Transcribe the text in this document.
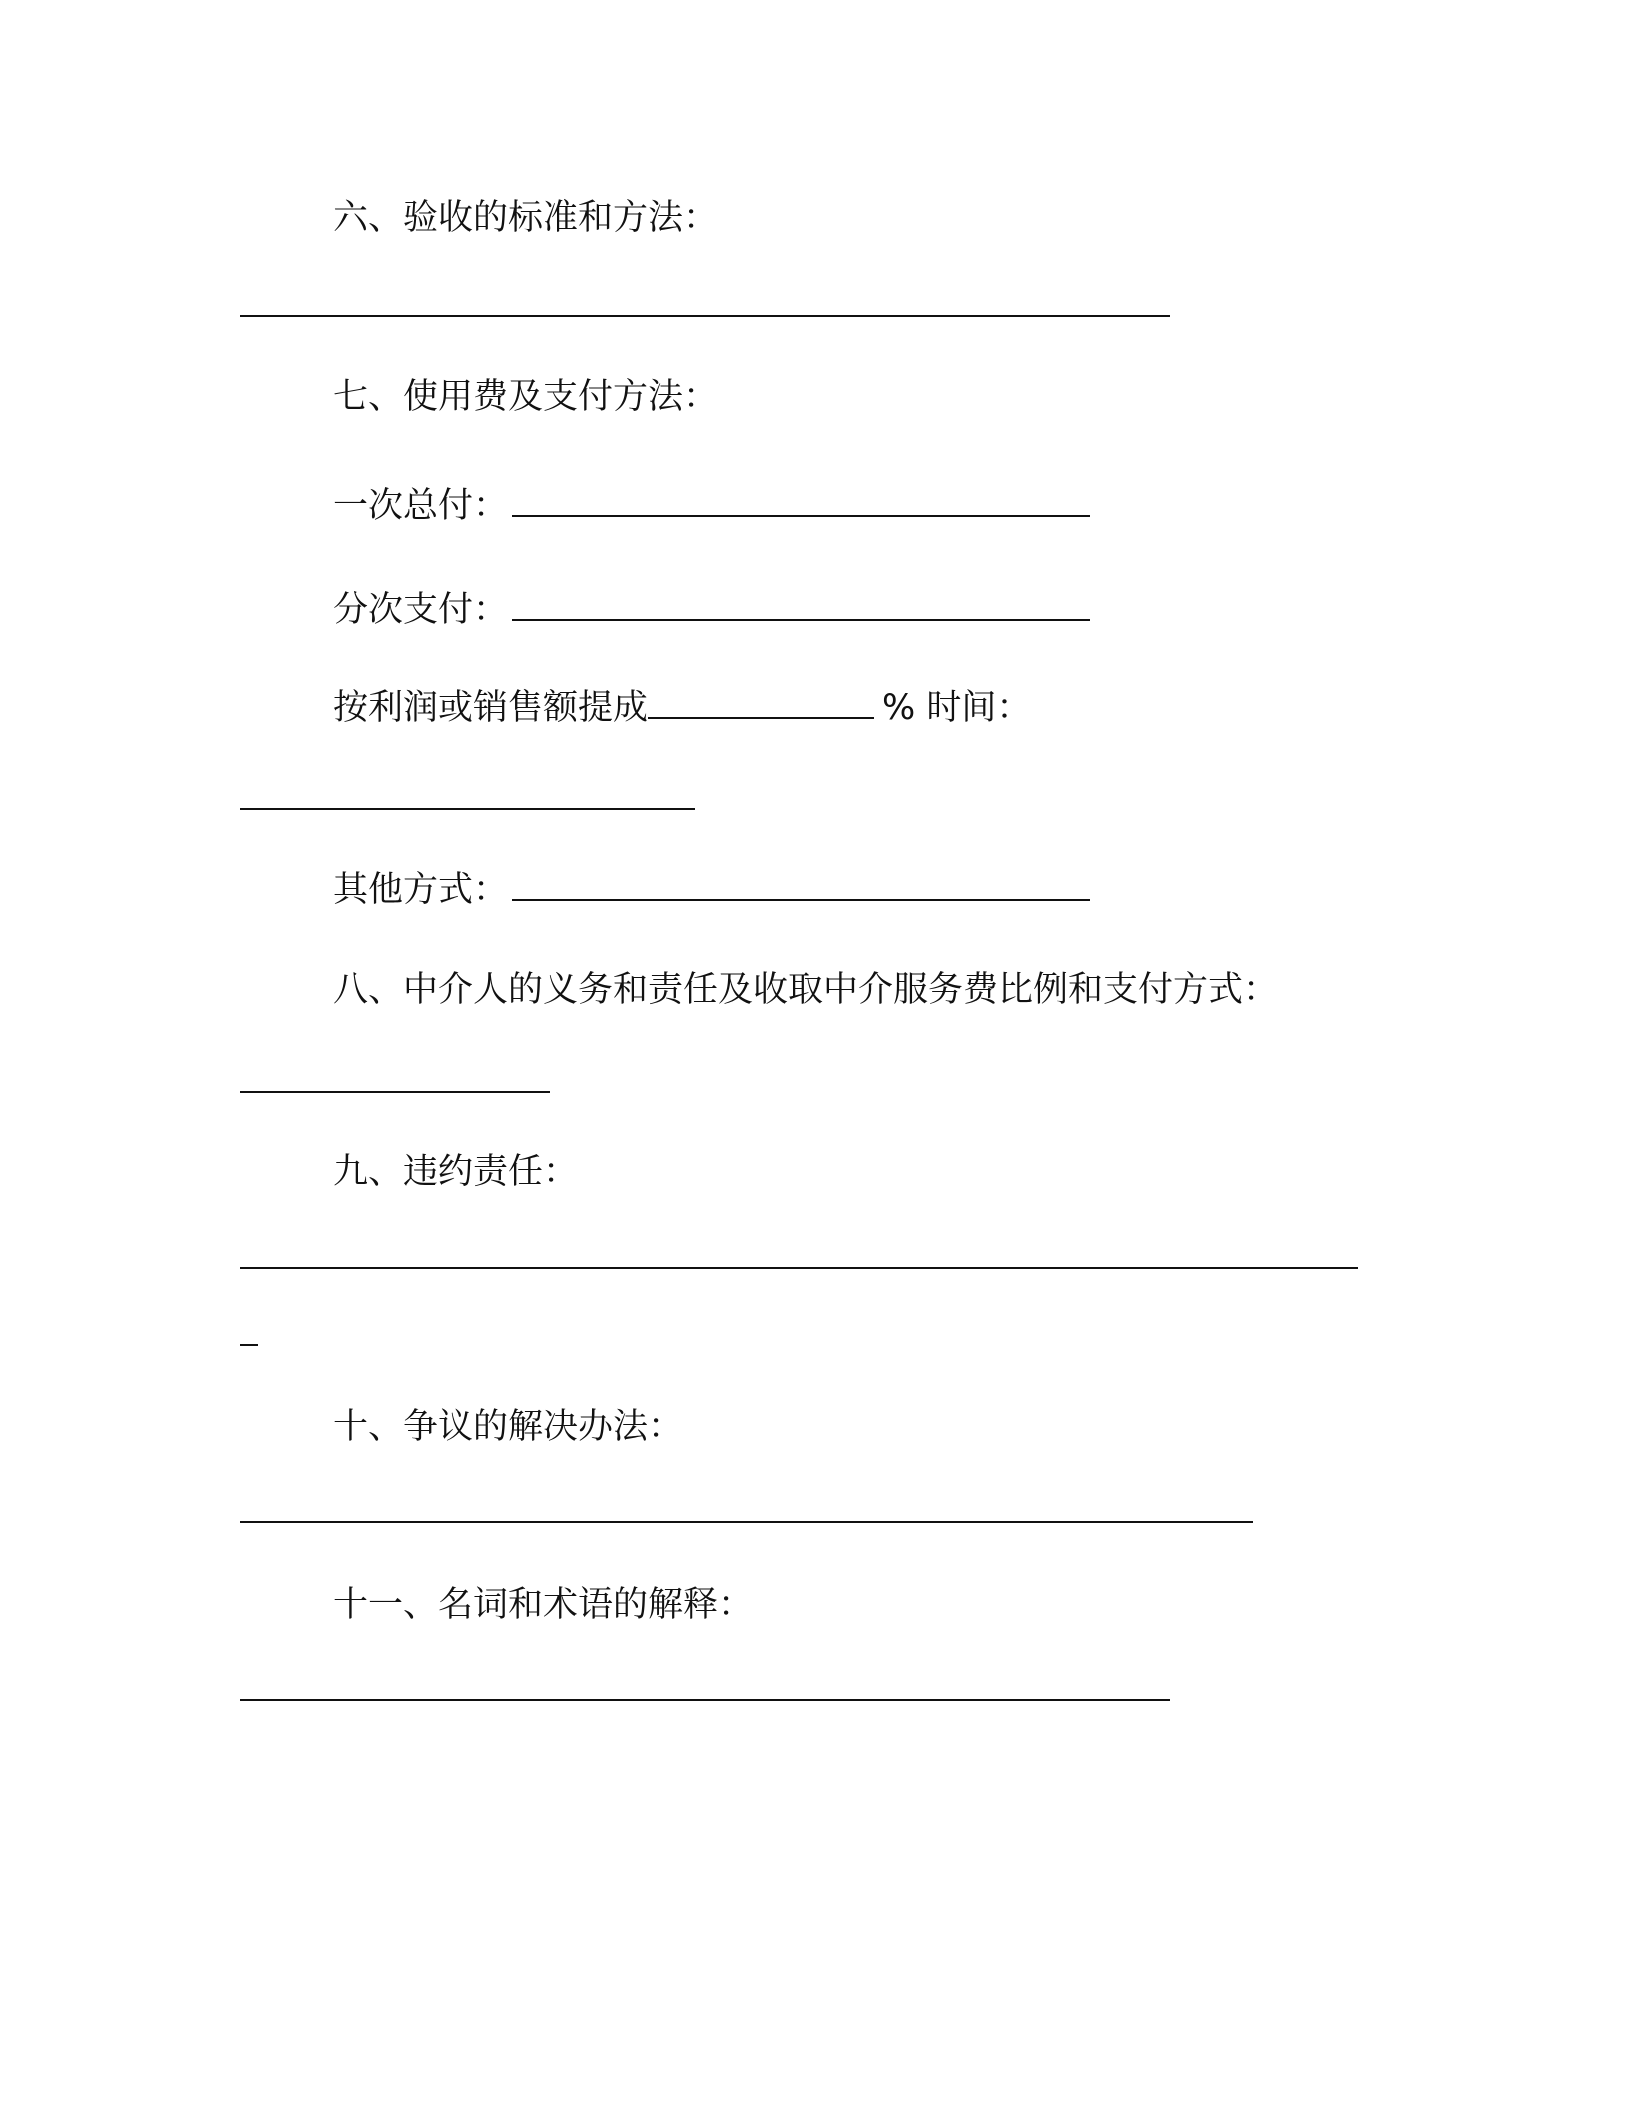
六、验收的标准和方法：
七、使用费及支付方法：
一次总付：
分次支付：
按利润或销售额提成	% 时间：
其他方式：
八、中介人的义务和责任及收取中介服务费比例和支付方式：
九、违约责任：
十、争议的解决办法：
十一、名词和术语的解释：
